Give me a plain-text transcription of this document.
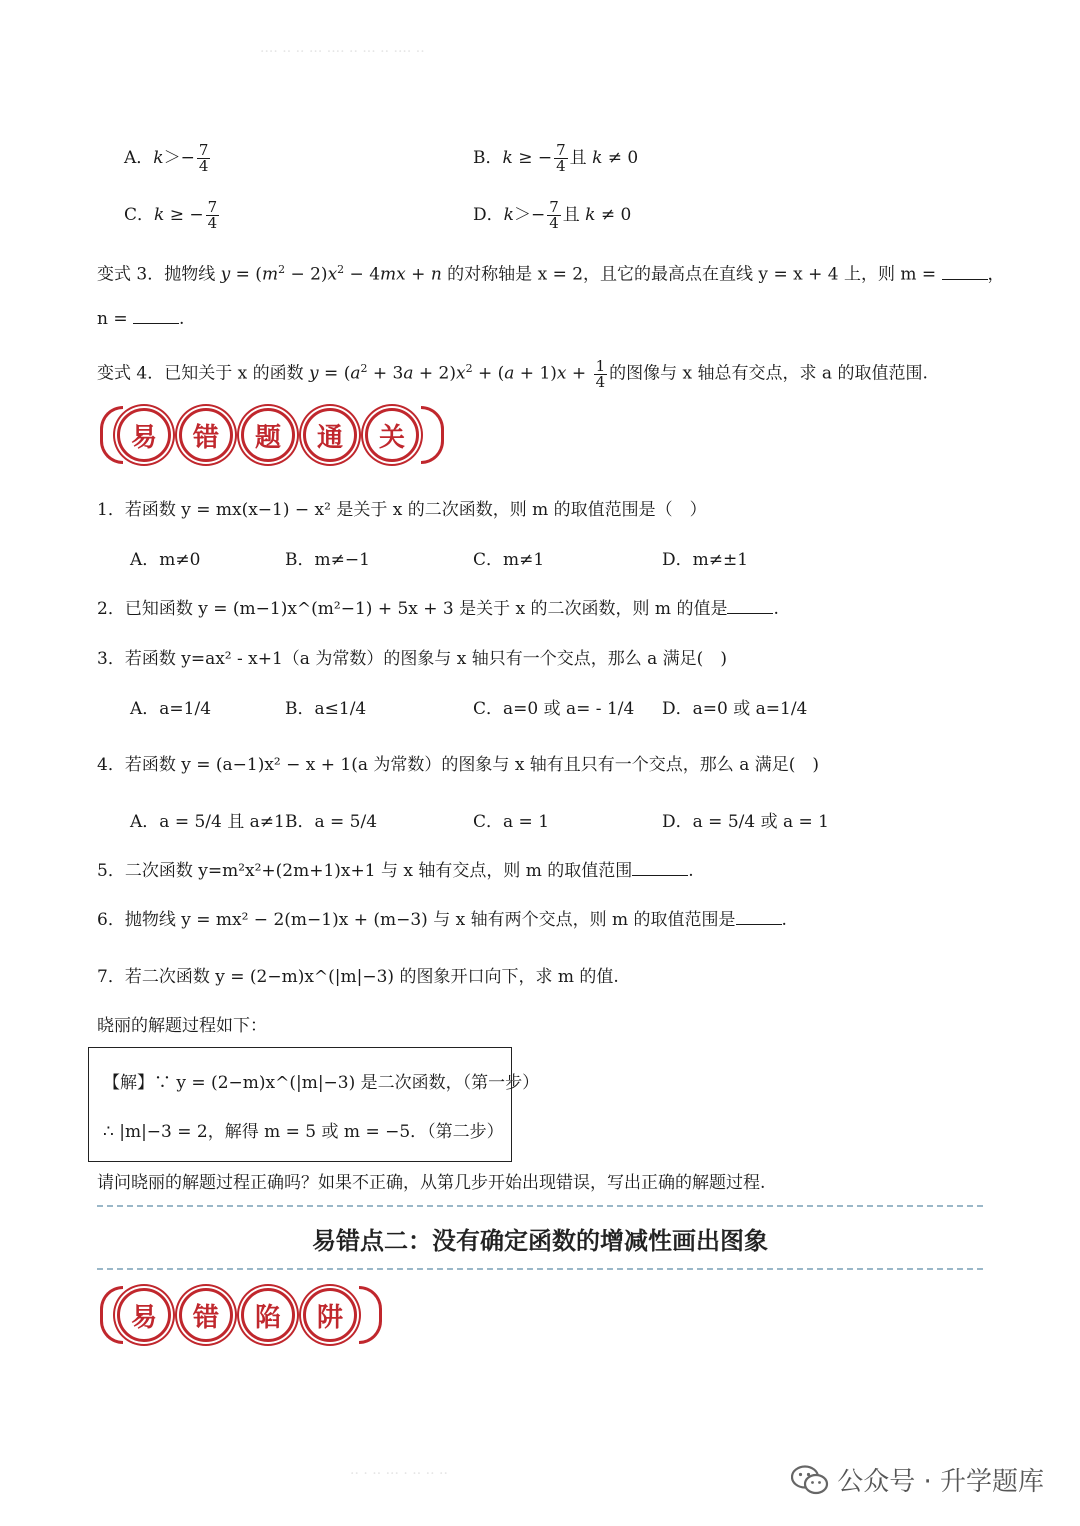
···· ·· ·· ··· ···· ·· ··· ·· ···· ··
A．$k>- \frac{7}{4}$	B．k ≥ − $\frac{7}{4}$ 且 k ≠ 0
C．k ≥ − $\frac{7}{4}$	D．$k>- \frac{7}{4}$ 且 k ≠ 0
变式 3．抛物线 $y = (m^2 - 2)x^2 - 4mx + n$ 的对称轴是 x = 2，且它的最高点在直线 y = x + 4 上，则 m =	，
n =	.
变式 4．已知关于 x 的函数 $y = (a^2 + 3a + 2)x^2 + (a + 1)x + \frac{1}{4}$ 的图像与 x 轴总有交点，求 a 的取值范围.
易	错	题	通	关
1．若函数 y = mx(x−1) − x² 是关于 x 的二次函数，则 m 的取值范围是（　）
A．m≠0	B．m≠−1	C．m≠1	D．m≠±1
2．已知函数 y = (m−1)x^(m²−1) + 5x + 3 是关于 x 的二次函数，则 m 的值是	.
3．若函数 y=ax² - x+1（a 为常数）的图象与 x 轴只有一个交点，那么 a 满足(　)
A．a=1/4	B．a≤1/4	C．a=0 或 a= - 1/4 D．a=0 或 a=1/4
4．若函数 y = (a−1)x² − x + 1(a 为常数）的图象与 x 轴有且只有一个交点，那么 a 满足(　)
A．a = 5/4 且 a≠1 B．a = 5/4	C．a = 1	D．a = 5/4 或 a = 1
5．二次函数 y=m²x²+(2m+1)x+1 与 x 轴有交点，则 m 的取值范围	.
6．抛物线 y = mx² − 2(m−1)x + (m−3) 与 x 轴有两个交点，则 m 的取值范围是	.
7．若二次函数 y = (2−m)x^(|m|−3) 的图象开口向下，求 m 的值.
晓丽的解题过程如下：
【解】∵ y = (2−m)x^(|m|−3) 是二次函数，（第一步）
∴ |m|−3 = 2，解得 m = 5 或 m = −5．（第二步）
请问晓丽的解题过程正确吗？如果不正确，从第几步开始出现错误，写出正确的解题过程.
易错点二：没有确定函数的增减性画出图象
易	错	陷	阱
·· · ·· ··· · ·· ·· ··	公众号 · 升学题库
